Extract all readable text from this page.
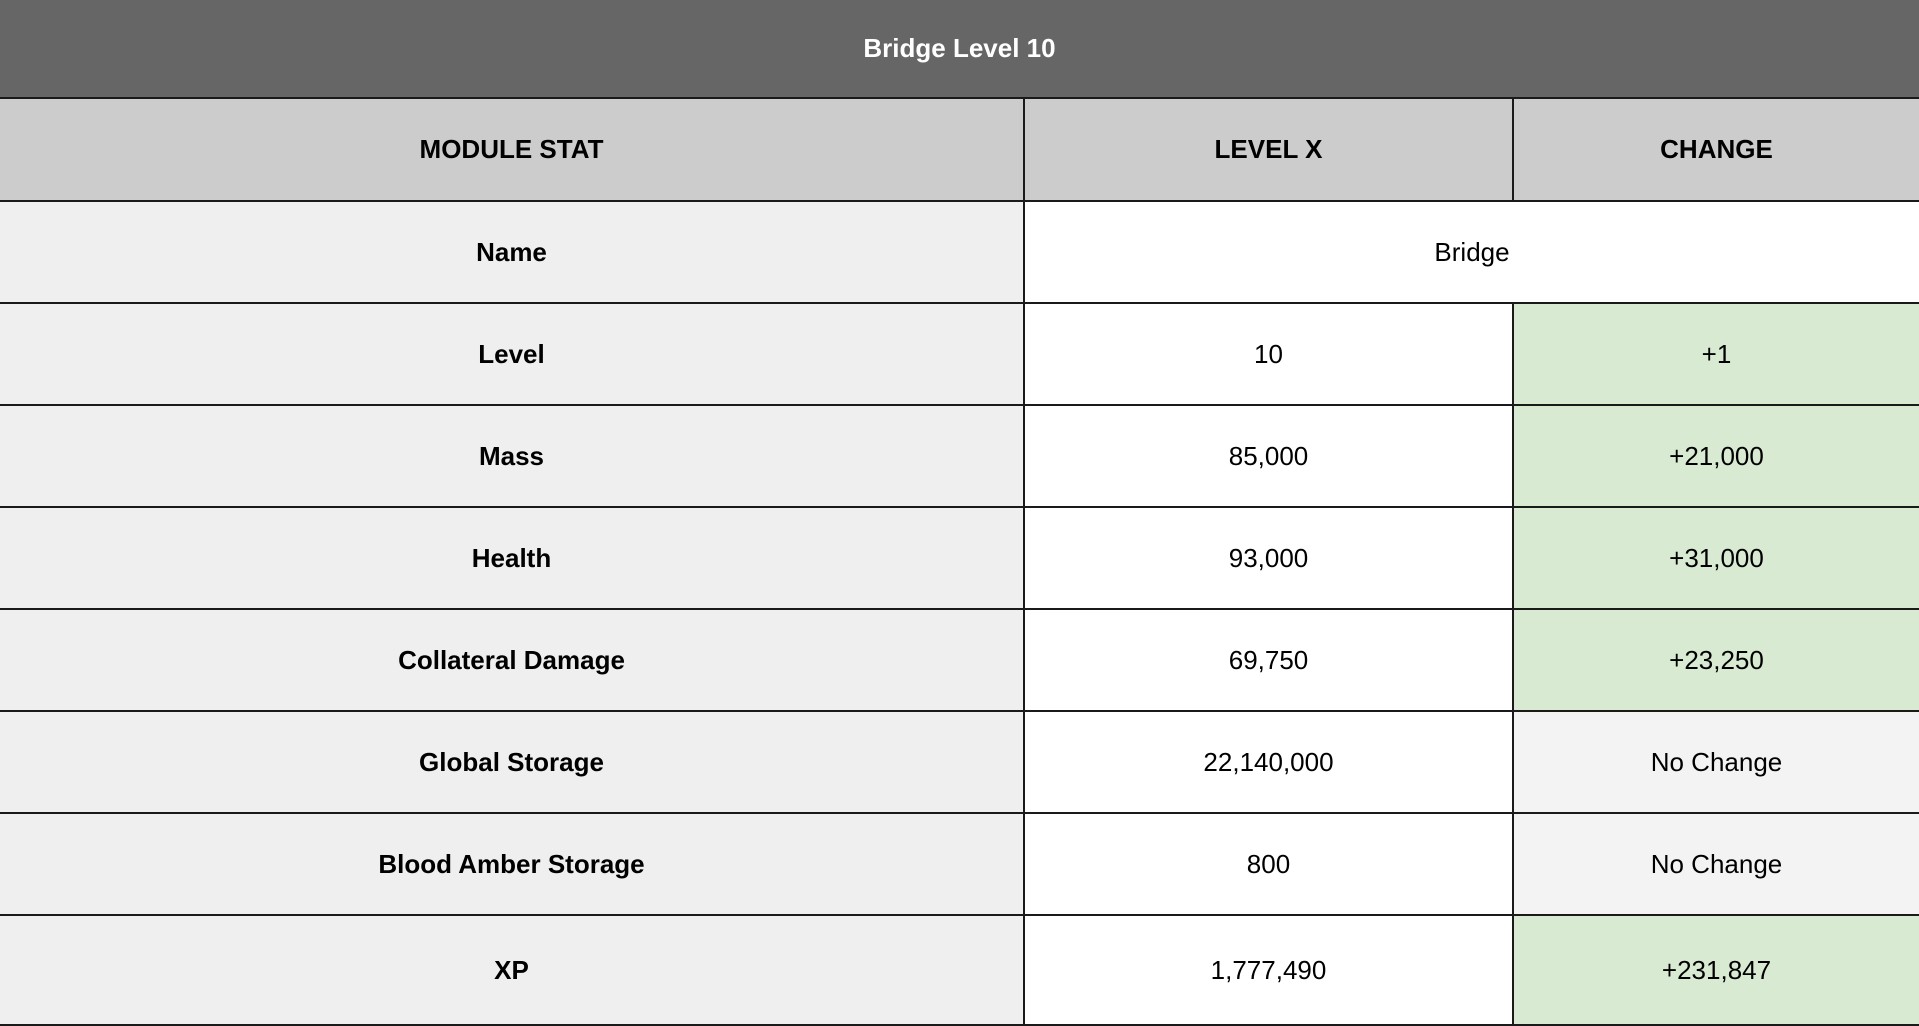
Bridge Level 10
MODULE STAT	LEVEL X	CHANGE
Name	Bridge	
Level	10	+1
Mass	85,000	+21,000
Health	93,000	+31,000
Collateral Damage	69,750	+23,250
Global Storage	22,140,000	No Change
Blood Amber Storage	800	No Change
XP	1,777,490	+231,847
